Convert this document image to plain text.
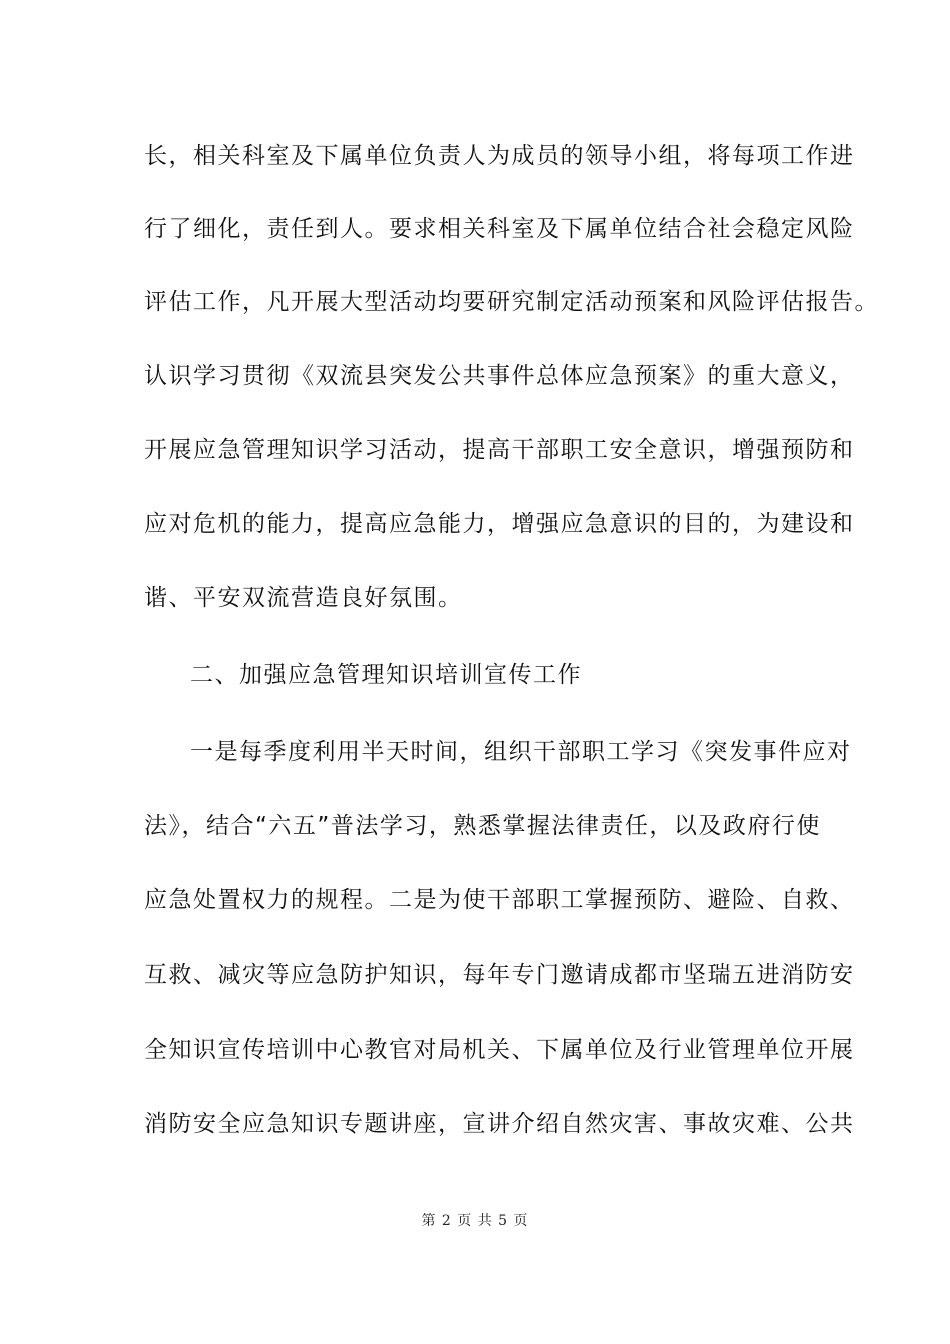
长，相关科室及下属单位负责人为成员的领导小组，将每项工作进
行了细化，责任到人。要求相关科室及下属单位结合社会稳定风险
评估工作，凡开展大型活动均要研究制定活动预案和风险评估报告。
认识学习贯彻《双流县突发公共事件总体应急预案》的重大意义，
开展应急管理知识学习活动，提高干部职工安全意识，增强预防和
应对危机的能力，提高应急能力，增强应急意识的目的，为建设和
谐、平安双流营造良好氛围。
二、加强应急管理知识培训宣传工作
一是每季度利用半天时间，组织干部职工学习《突发事件应对
法》，结合“六五”普法学习，熟悉掌握法律责任，以及政府行使
应急处置权力的规程。二是为使干部职工掌握预防、避险、自救、
互救、减灾等应急防护知识，每年专门邀请成都市坚瑞五进消防安
全知识宣传培训中心教官对局机关、下属单位及行业管理单位开展
消防安全应急知识专题讲座，宣讲介绍自然灾害、事故灾难、公共
第 2 页 共 5 页
